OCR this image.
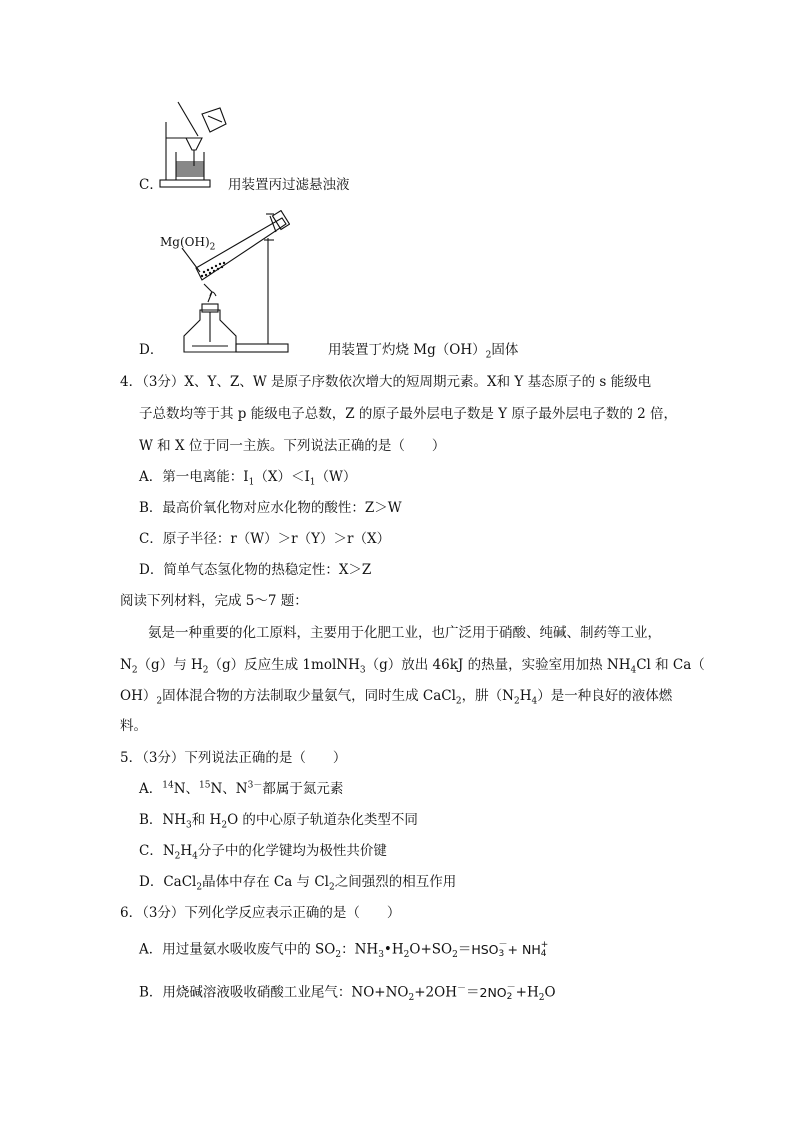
C．	用装置丙过滤悬浊液
$Mg(OH)_2$
D．	用装置丁灼烧 $Mg(OH)_2$固体
4．（3分）X、Y、Z、W 是原子序数依次增大的短周期元素。X和 Y 基态原子的 s 能级电
子总数均等于其 p 能级电子总数，Z 的原子最外层电子数是 Y 原子最外层电子数的 2 倍，
W 和 X 位于同一主族。下列说法正确的是（　　）
A．第一电离能：$I_1(X)<I_1(W)$
B．最高价氧化物对应水化物的酸性：Z＞W
C．原子半径：r（W）＞r（Y）＞r（X）
D．简单气态氢化物的热稳定性：X＞Z
阅读下列材料，完成 5～7 题：
氨是一种重要的化工原料，主要用于化肥工业，也广泛用于硝酸、纯碱、制药等工业，
$N_2(g)$与 $H_2(g)$反应生成 1molNH$_3$（g）放出 46kJ 的热量，实验室用加热 $NH_4Cl$ 和 Ca（
$OH)_2$固体混合物的方法制取少量氨气，同时生成 CaCl$_2$，肼$(N_2H_4)$是一种良好的液体燃
料。
5．（3分）下列说法正确的是（　　）
A．$^{14}$N、$^{15}$N、$N^{3-}$都属于氮元素
B．$NH_3$和 $H_2O$ 的中心原子轨道杂化类型不同
C．$N_2H_4$分子中的化学键均为极性共价键
D．CaCl$_2$晶体中存在 Ca 与 $Cl_2$之间强烈的相互作用
6．（3分）下列化学反应表示正确的是（　　）
A．用过量氨水吸收废气中的 $SO_2$：$NH_3•H_2O+SO_2=HSO$ －
3 + NH +
4
B．用烧碱溶液吸收硝酸工业尾气：$NO+NO_2+2OH^-=2NO$ －
$2 +H_2O$
